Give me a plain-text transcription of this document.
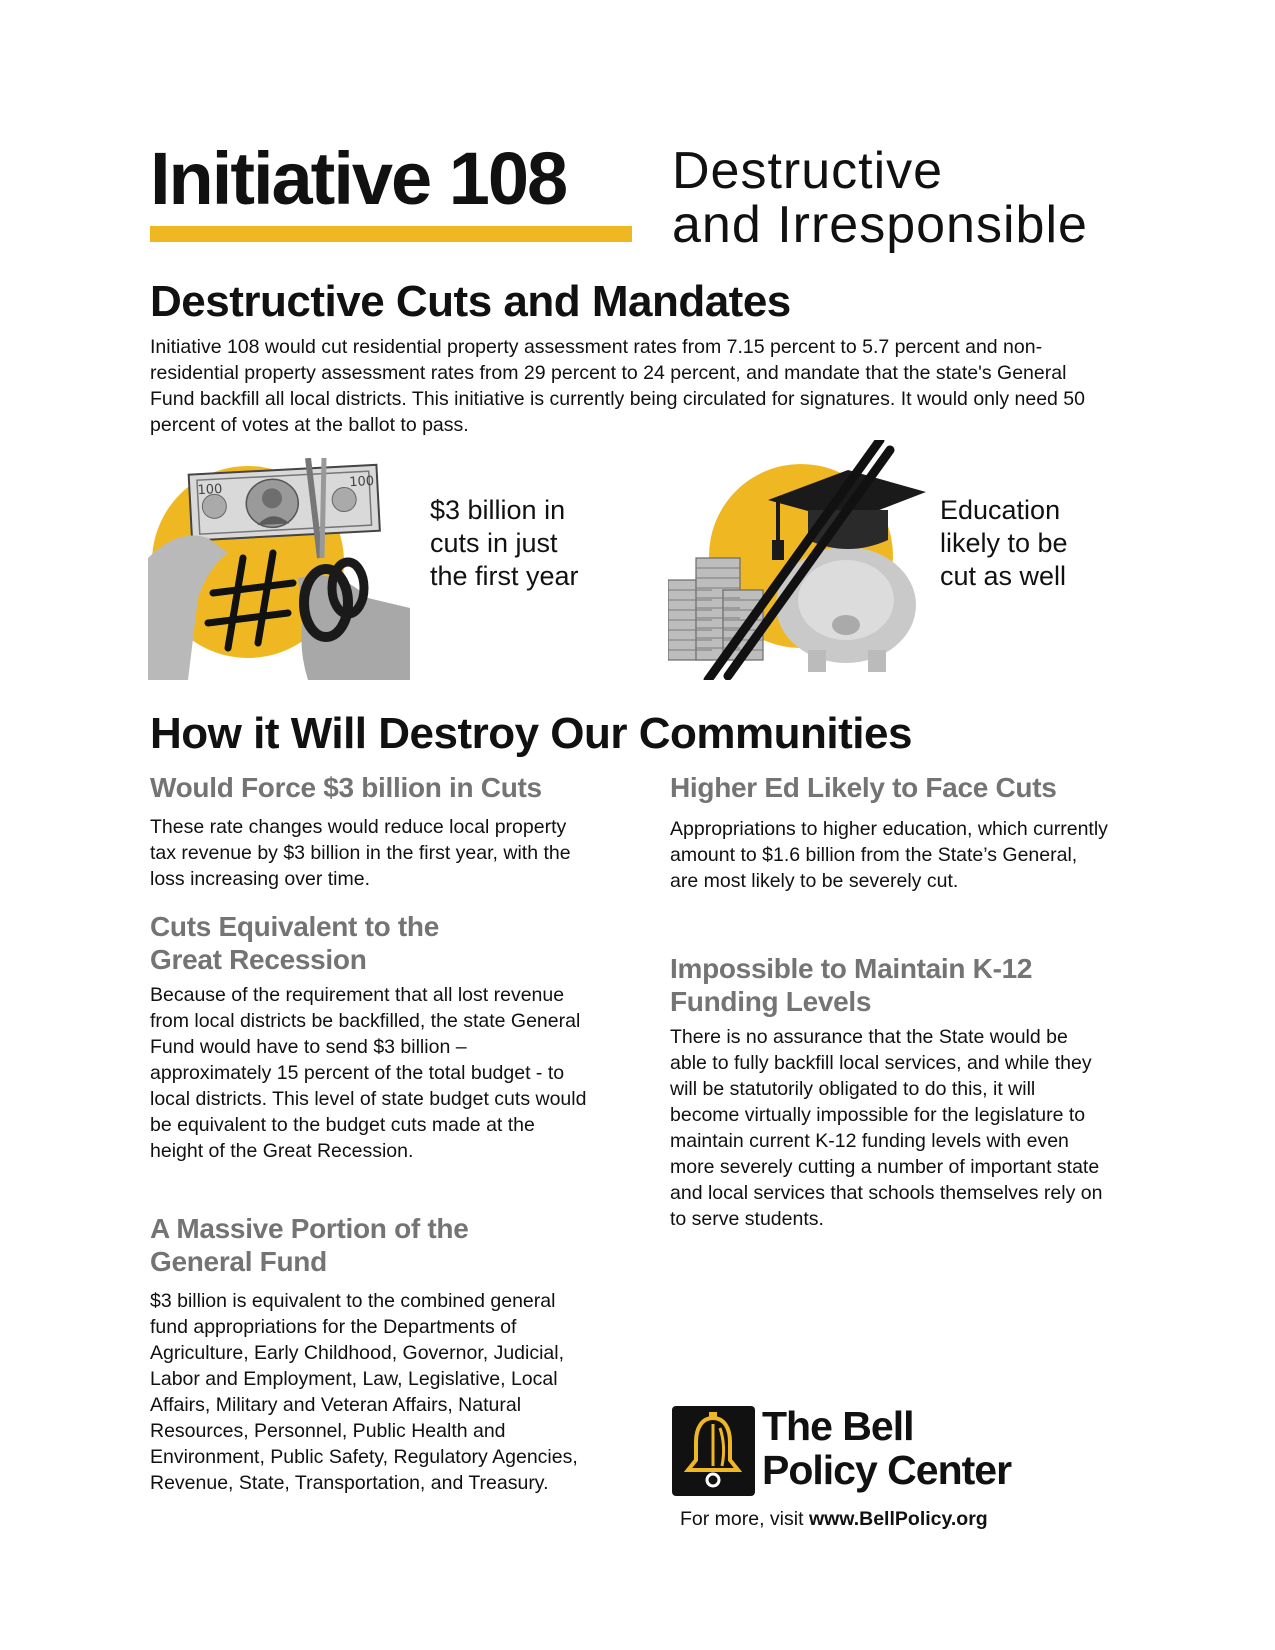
Initiative 108 Destructive
and Irresponsible
Destructive Cuts and Mandates
Initiative 108 would cut residential property assessment rates from 7.15 percent to 5.7 percent and non-residential property assessment rates from 29 percent to 24 percent, and mandate that the state's General Fund backfill all local districts. This initiative is currently being circulated for signatures. It would only need 50 percent of votes at the ballot to pass.
100
100
$3 billion in
cuts in just
the first year
Education
likely to be
cut as well
How it Will Destroy Our Communities
Would Force $3 billion in Cuts
These rate changes would reduce local property tax revenue by $3 billion in the first year, with the loss increasing over time.
Cuts Equivalent to the
Great Recession
Because of the requirement that all lost revenue from local districts be backfilled, the state General Fund would have to send $3 billion – approximately 15 percent of the total budget - to local districts. This level of state budget cuts would be equivalent to the budget cuts made at the height of the Great Recession.
A Massive Portion of the
General Fund
$3 billion is equivalent to the combined general fund appropriations for the Departments of Agriculture, Early Childhood, Governor, Judicial, Labor and Employment, Law, Legislative, Local Affairs, Military and Veteran Affairs, Natural Resources, Personnel, Public Health and Environment, Public Safety, Regulatory Agencies, Revenue, State, Transportation, and Treasury.
Higher Ed Likely to Face Cuts
Appropriations to higher education, which currently amount to $1.6 billion from the State’s General, are most likely to be severely cut.
Impossible to Maintain K-12
Funding Levels
There is no assurance that the State would be able to fully backfill local services, and while they will be statutorily obligated to do this, it will become virtually impossible for the legislature to maintain current K-12 funding levels with even more severely cutting a number of important state and local services that schools themselves rely on to serve students.
The Bell
Policy Center
For more, visit www.BellPolicy.org
